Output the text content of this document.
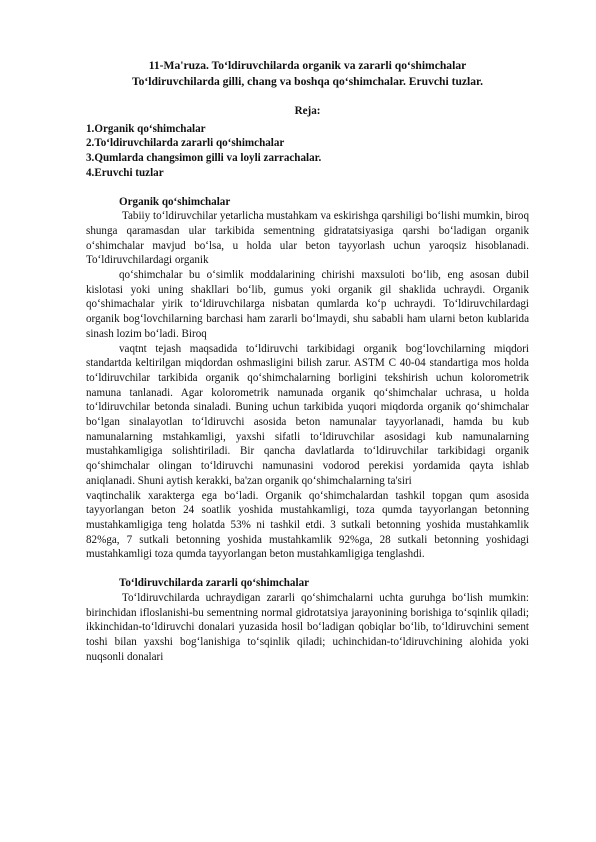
11-Ma'ruza. To‘ldiruvchilarda organik va zararli qo‘shimchalar

To‘ldiruvchilarda gilli, chang va boshqa qo‘shimchalar. Eruvchi tuzlar.

Reja:

1.Organik qo‘shimchalar

2.To‘ldiruvchilarda zararli qo‘shimchalar

3.Qumlarda changsimon gilli va loyli zarrachalar.

4.Eruvchi tuzlar

Organik qo‘shimchalar

Tabiiy to‘ldiruvchilar yetarlicha mustahkam va eskirishga qarshiligi bo‘lishi mumkin, biroq shunga qaramasdan ular tarkibida sementning gidratatsiyasiga qarshi bo‘ladigan organik o‘shimchalar mavjud bo‘lsa, u holda ular beton tayyorlash uchun yaroqsiz hisoblanadi. To‘ldiruvchilardagi organik

qo‘shimchalar bu o‘simlik moddalarining chirishi maxsuloti bo‘lib, eng asosan dubil kislotasi yoki uning shakllari bo‘lib, gumus yoki organik gil shaklida uchraydi. Organik qo‘shimachalar yirik to‘ldiruvchilarga nisbatan qumlarda ko‘p uchraydi. To‘ldiruvchilardagi organik bog‘lovchilarning barchasi ham zararli bo‘lmaydi, shu sababli ham ularni beton kublarida sinash lozim bo‘ladi. Biroq

vaqtnt tejash maqsadida to‘ldiruvchi tarkibidagi organik bog‘lovchilarning miqdori standartda keltirilgan miqdordan oshmasligini bilish zarur. ASTM C 40-04 standartiga mos holda to‘ldiruvchilar tarkibida organik qo‘shimchalarning borligini tekshirish uchun kolorometrik namuna tanlanadi. Agar kolorometrik namunada organik qo‘shimchalar uchrasa, u holda to‘ldiruvchilar betonda sinaladi. Buning uchun tarkibida yuqori miqdorda organik qo‘shimchalar bo‘lgan sinalayotlan to‘ldiruvchi asosida beton namunalar tayyorlanadi, hamda bu kub namunalarning mstahkamligi, yaxshi sifatli to‘ldiruvchilar asosidagi kub namunalarning mustahkamligiga solishtiriladi. Bir qancha davlatlarda to‘ldiruvchilar tarkibidagi organik qo‘shimchalar olingan to‘ldiruvchi namunasini vodorod perekisi yordamida qayta ishlab aniqlanadi. Shuni aytish kerakki, ba'zan organik qo‘shimchalarning ta'siri

vaqtinchalik xarakterga ega bo‘ladi. Organik qo‘shimchalardan tashkil topgan qum asosida tayyorlangan beton 24 soatlik yoshida mustahkamligi, toza qumda tayyorlangan betonning mustahkamligiga teng holatda 53% ni tashkil etdi. 3 sutkali betonning yoshida mustahkamlik 82%ga, 7 sutkali betonning yoshida mustahkamlik 92%ga, 28 sutkali betonning yoshidagi mustahkamligi toza qumda tayyorlangan beton mustahkamligiga tenglashdi.

To‘ldiruvchilarda zararli qo‘shimchalar

To‘ldiruvchilarda uchraydigan zararli qo‘shimchalarni uchta guruhga bo‘lish mumkin: birinchidan ifloslanishi-bu sementning normal gidrotatsiya jarayonining borishiga to‘sqinlik qiladi; ikkinchidan-to‘ldiruvchi donalari yuzasida hosil bo‘ladigan qobiqlar bo‘lib, to‘ldiruvchini sement toshi bilan yaxshi bog‘lanishiga to‘sqinlik qiladi; uchinchidan-to‘ldiruvchining alohida yoki nuqsonli donalari
